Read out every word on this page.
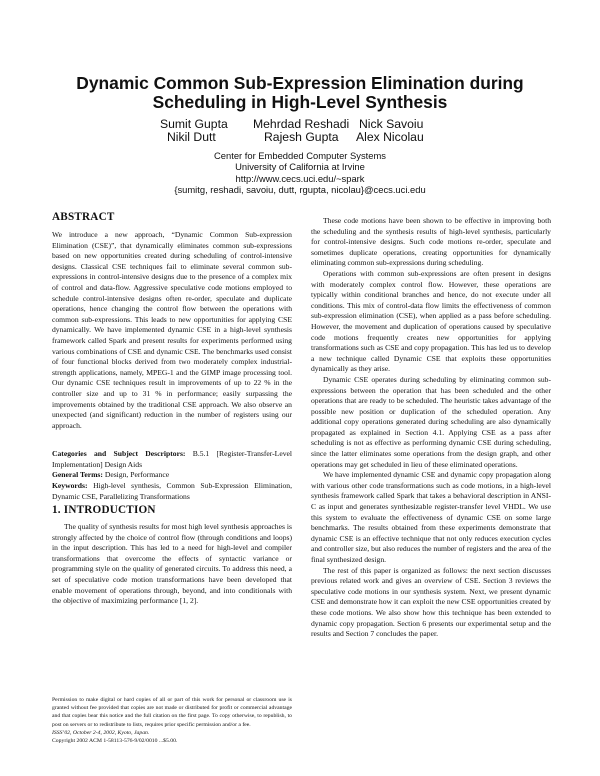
Dynamic Common Sub-Expression Elimination during
Scheduling in High-Level Synthesis
Sumit Gupta Mehrdad Reshadi Nick Savoiu
Nikil Dutt	Rajesh Gupta Alex Nicolau
Center for Embedded Computer Systems
University of California at Irvine
http://www.cecs.uci.edu/~spark
{sumitg, reshadi, savoiu, dutt, rgupta, nicolau}@cecs.uci.edu
ABSTRACT

We introduce a new approach, “Dynamic Common Sub-expression Elimination (CSE)”, that dynamically eliminates common sub-expressions based on new opportunities created during scheduling of control-intensive designs. Classical CSE techniques fail to eliminate several common sub-expressions in control-intensive designs due to the presence of a complex mix of control and data-flow. Aggressive speculative code motions employed to schedule control-intensive designs often re-order, speculate and duplicate operations, hence changing the control flow between the operations with common sub-expressions. This leads to new opportunities for applying CSE dynamically. We have implemented dynamic CSE in a high-level synthesis framework called Spark and present results for experiments performed using various combinations of CSE and dynamic CSE. The benchmarks used consist of four functional blocks derived from two moderately complex industrial-strength applications, namely, MPEG-1 and the GIMP image processing tool. Our dynamic CSE techniques result in improvements of up to 22 % in the controller size and up to 31 % in performance; easily surpassing the improvements obtained by the traditional CSE approach. We also observe an unexpected (and significant) reduction in the number of registers using our approach.

Categories and Subject Descriptors: B.5.1 [Register-Transfer-Level Implementation] Design Aids
General Terms: Design, Performance
Keywords: High-level synthesis, Common Sub-Expression Elimination, Dynamic CSE, Parallelizing Transformations
1. INTRODUCTION

The quality of synthesis results for most high level synthesis approaches is strongly affected by the choice of control flow (through conditions and loops) in the input description. This has led to a need for high-level and compiler transformations that overcome the effects of syntactic variance or programming style on the quality of generated circuits. To address this need, a set of speculative code motion transformations have been developed that enable movement of operations through, beyond, and into conditionals with the objective of maximizing performance [1, 2].

Permission to make digital or hard copies of all or part of this work for personal or classroom use is granted without fee provided that copies are not made or distributed for profit or commercial advantage and that copies bear this notice and the full citation on the first page. To copy otherwise, to republish, to post on servers or to redistribute to lists, requires prior specific permission and/or a fee.

ISSS’02, October 2-4, 2002, Kyoto, Japan.

Copyright 2002 ACM 1-58113-576-9/02/0010 ...$5.00.

These code motions have been shown to be effective in improving both the scheduling and the synthesis results of high-level synthesis, particularly for control-intensive designs. Such code motions re-order, speculate and sometimes duplicate operations, creating opportunities for dynamically eliminating common sub-expressions during scheduling.

Operations with common sub-expressions are often present in designs with moderately complex control flow. However, these operations are typically within conditional branches and hence, do not execute under all conditions. This mix of control-data flow limits the effectiveness of common sub-expression elimination (CSE), when applied as a pass before scheduling. However, the movement and duplication of operations caused by speculative code motions frequently creates new opportunities for applying transformations such as CSE and copy propagation. This has led us to develop a new technique called Dynamic CSE that exploits these opportunities dynamically as they arise.

Dynamic CSE operates during scheduling by eliminating common sub-expressions between the operation that has been scheduled and the other operations that are ready to be scheduled. The heuristic takes advantage of the possible new position or duplication of the scheduled operation. Any additional copy operations generated during scheduling are also dynamically propagated as explained in Section 4.1. Applying CSE as a pass after scheduling is not as effective as performing dynamic CSE during scheduling, since the latter eliminates some operations from the design graph, and other operations may get scheduled in lieu of these eliminated operations.

We have implemented dynamic CSE and dynamic copy propagation along with various other code transformations such as code motions, in a high-level synthesis framework called Spark that takes a behavioral description in ANSI-C as input and generates synthesizable register-transfer level VHDL. We use this system to evaluate the effectiveness of dynamic CSE on some large benchmarks. The results obtained from these experiments demonstrate that dynamic CSE is an effective technique that not only reduces execution cycles and controller size, but also reduces the number of registers and the area of the final synthesized design.

The rest of this paper is organized as follows: the next section discusses previous related work and gives an overview of CSE. Section 3 reviews the speculative code motions in our synthesis system. Next, we present dynamic CSE and demonstrate how it can exploit the new CSE opportunities created by these code motions. We also show how this technique has been extended to dynamic copy propagation. Section 6 presents our experimental setup and the results and Section 7 concludes the paper.
